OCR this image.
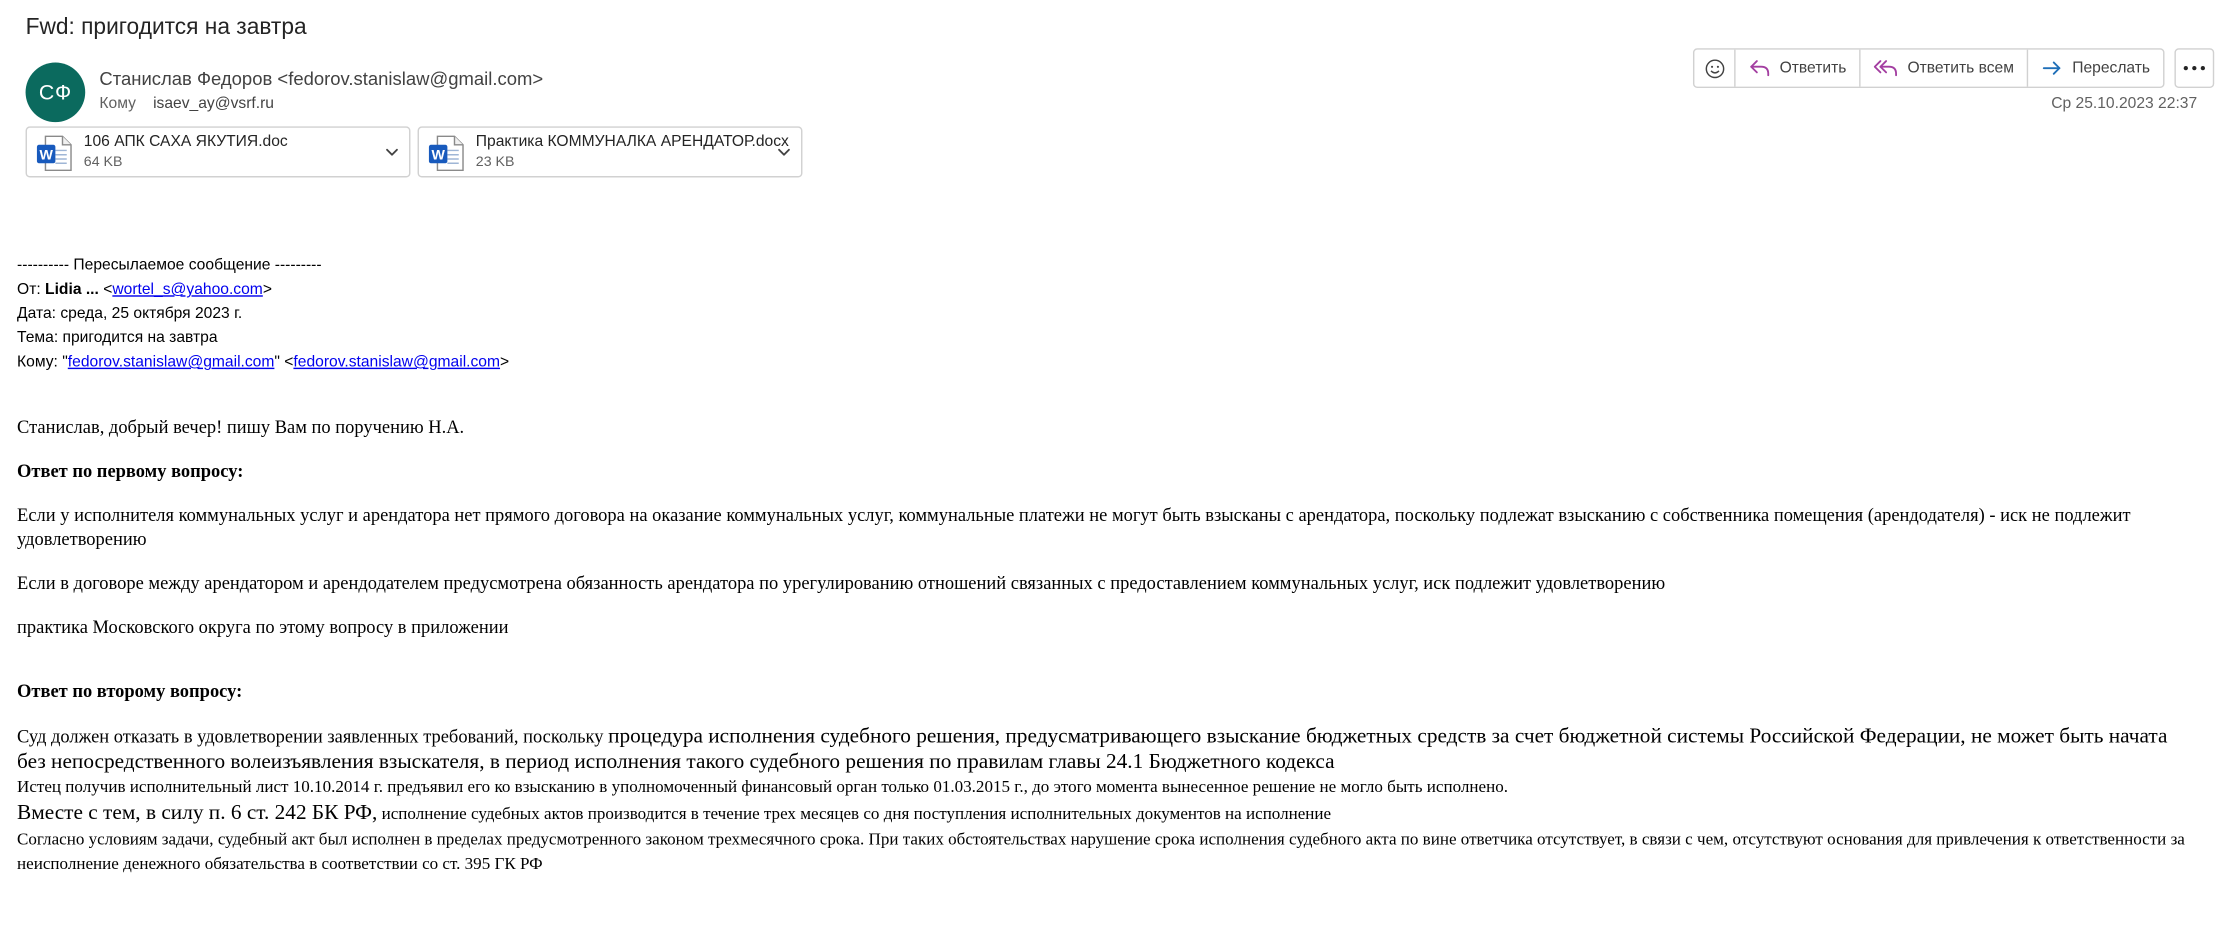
Fwd: пригодится на завтра
СФ
Станислав Федоров <fedorov.stanislaw@gmail.com>
Кому isaev_ay@vsrf.ru
Ответить	Ответить всем	Переслать
Ср 25.10.2023 22:37
W
106 АПК САХА ЯКУТИЯ.doc
64 KB	W
Практика КОММУНАЛКА АРЕНДАТОР.docx
23 KB
---------- Пересылаемое сообщение ---------
От: Lidia ... <wortel_s@yahoo.com>
Дата: среда, 25 октября 2023 г.
Тема: пригодится на завтра
Кому: "fedorov.stanislaw@gmail.com" <fedorov.stanislaw@gmail.com>
Станислав, добрый вечер! пишу Вам по поручению Н.А.
Ответ по первому вопросу:
Если у исполнителя коммунальных услуг и арендатора нет прямого договора на оказание коммунальных услуг, коммунальные платежи не могут быть взысканы с арендатора, поскольку подлежат взысканию с собственника помещения (арендодателя) - иск не подлежит удовлетворению
Если в договоре между арендатором и арендодателем предусмотрена обязанность арендатора по урегулированию отношений связанных с предоставлением коммунальных услуг, иск подлежит удовлетворению
практика Московского округа по этому вопросу в приложении
Ответ по второму вопросу:
Суд должен отказать в удовлетворении заявленных требований, поскольку процедура исполнения судебного решения, предусматривающего взыскание бюджетных средств за счет бюджетной системы Российской Федерации, не может быть начата без непосредственного волеизъявления взыскателя, в период исполнения такого судебного решения по правилам главы 24.1 Бюджетного кодекса
Истец получив исполнительный лист 10.10.2014 г. предъявил его ко взысканию в уполномоченный финансовый орган только 01.03.2015 г., до этого момента вынесенное решение не могло быть исполнено.
Вместе с тем, в силу п. 6 ст. 242 БК РФ, исполнение судебных актов производится в течение трех месяцев со дня поступления исполнительных документов на исполнение
Согласно условиям задачи, судебный акт был исполнен в пределах предусмотренного законом трехмесячного срока. При таких обстоятельствах нарушение срока исполнения судебного акта по вине ответчика отсутствует, в связи с чем, отсутствуют основания для привлечения к ответственности за неисполнение денежного обязательства в соответствии со ст. 395 ГК РФ
